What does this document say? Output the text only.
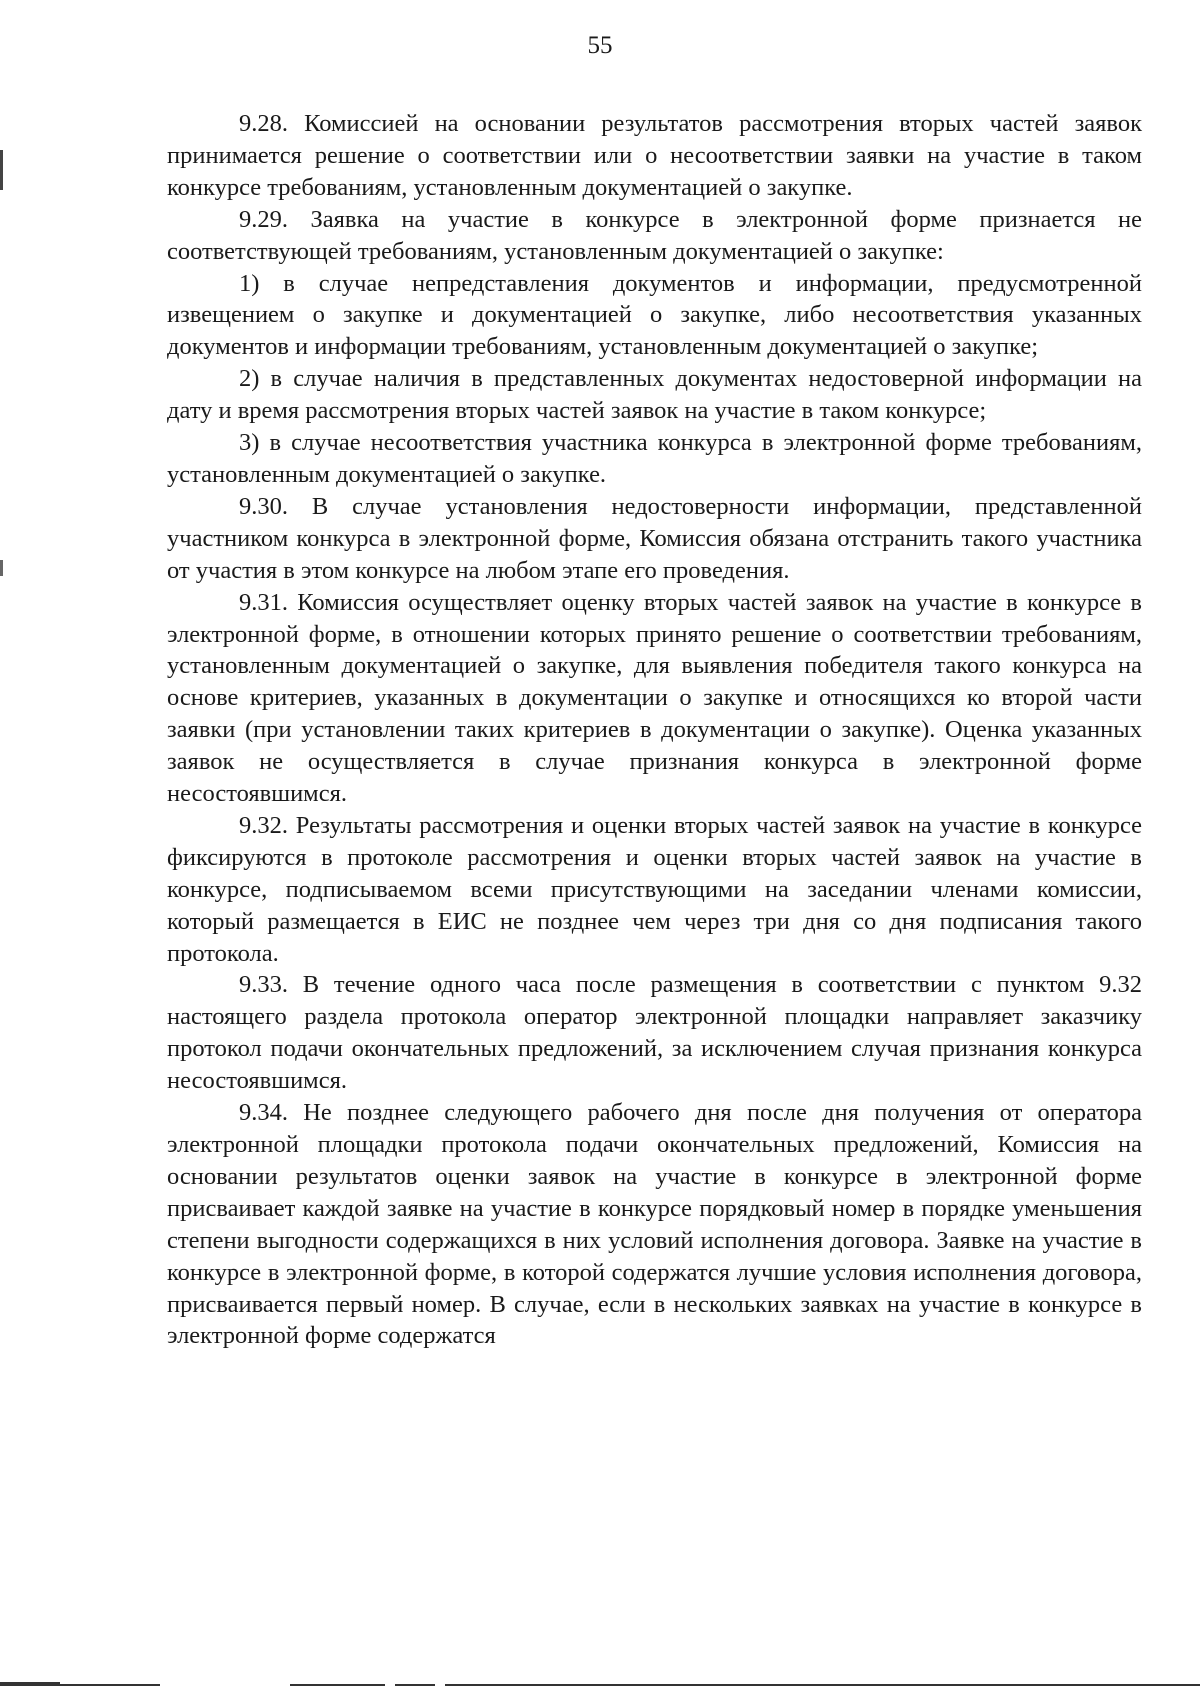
55

9.28. Комиссией на основании результатов рассмотрения вторых частей заявок принимается решение о соответствии или о несоответствии заявки на участие в таком конкурсе требованиям, установленным документацией о закупке.

9.29. Заявка на участие в конкурсе в электронной форме признается не соответствующей требованиям, установленным документацией о закупке:

1) в случае непредставления документов и информации, предусмотренной извещением о закупке и документацией о закупке, либо несоответствия указанных документов и информации требованиям, установленным документацией о закупке;

2) в случае наличия в представленных документах недостоверной информации на дату и время рассмотрения вторых частей заявок на участие в таком конкурсе;

3) в случае несоответствия участника конкурса в электронной форме требованиям, установленным документацией о закупке.

9.30. В случае установления недостоверности информации, представленной участником конкурса в электронной форме, Комиссия обязана отстранить такого участника от участия в этом конкурсе на любом этапе его проведения.

9.31. Комиссия осуществляет оценку вторых частей заявок на участие в конкурсе в электронной форме, в отношении которых принято решение о соответствии требованиям, установленным документацией о закупке, для выявления победителя такого конкурса на основе критериев, указанных в документации о закупке и относящихся ко второй части заявки (при установлении таких критериев в документации о закупке). Оценка указанных заявок не осуществляется в случае признания конкурса в электронной форме несостоявшимся.

9.32. Результаты рассмотрения и оценки вторых частей заявок на участие в конкурсе фиксируются в протоколе рассмотрения и оценки вторых частей заявок на участие в конкурсе, подписываемом всеми присутствующими на заседании членами комиссии, который размещается в ЕИС не позднее чем через три дня со дня подписания такого протокола.

9.33. В течение одного часа после размещения в соответствии с пунктом 9.32 настоящего раздела протокола оператор электронной площадки направляет заказчику протокол подачи окончательных предложений, за исключением случая признания конкурса несостоявшимся.

9.34. Не позднее следующего рабочего дня после дня получения от оператора электронной площадки протокола подачи окончательных предложений, Комиссия на основании результатов оценки заявок на участие в конкурсе в электронной форме присваивает каждой заявке на участие в конкурсе порядковый номер в порядке уменьшения степени выгодности содержащихся в них условий исполнения договора. Заявке на участие в конкурсе в электронной форме, в которой содержатся лучшие условия исполнения договора, присваивается первый номер. В случае, если в нескольких заявках на участие в конкурсе в электронной форме содержатся
